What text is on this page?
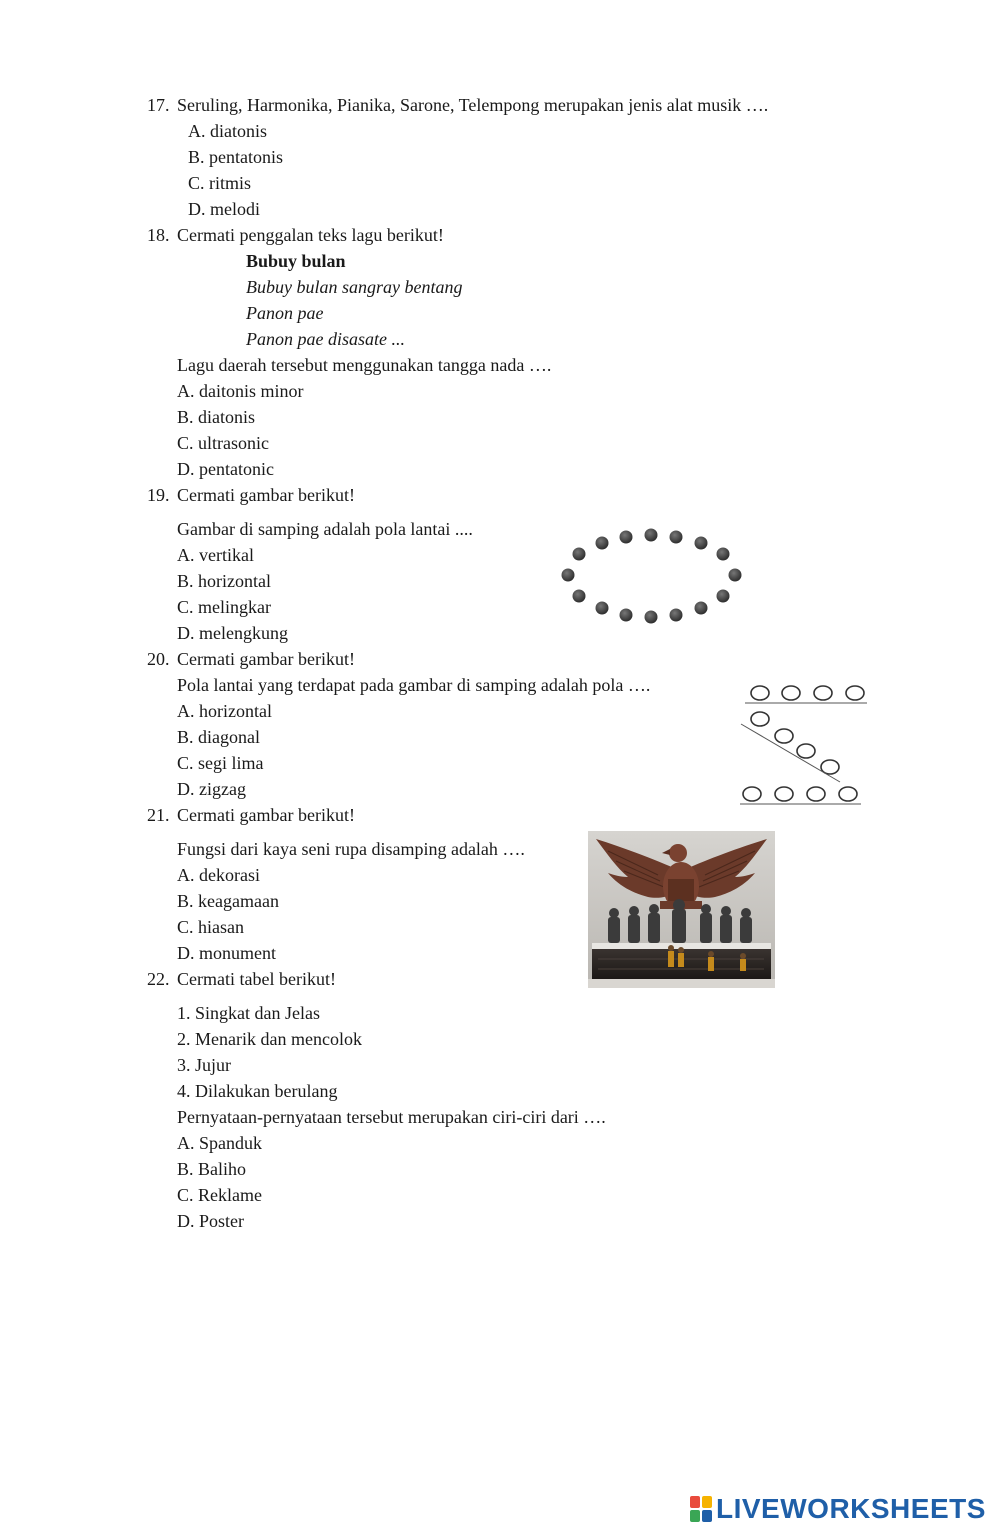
17. Seruling, Harmonika, Pianika, Sarone, Telempong merupakan jenis alat musik ….
A. diatonis
B. pentatonis
C. ritmis
D. melodi
18. Cermati penggalan teks lagu berikut!
Bubuy bulan
Bubuy bulan sangray bentang
Panon pae
Panon pae disasate ...
Lagu daerah tersebut menggunakan tangga nada ….
A. daitonis minor
B. diatonis
C. ultrasonic
D. pentatonic
19. Cermati gambar berikut!
Gambar di samping adalah pola lantai ....
A. vertikal
B. horizontal
C. melingkar
D. melengkung
20. Cermati gambar berikut!
Pola lantai yang terdapat pada gambar di samping adalah pola ….
A. horizontal
B. diagonal
C. segi lima
D. zigzag
21. Cermati gambar berikut!
Fungsi dari kaya seni rupa disamping adalah ….
A. dekorasi
B. keagamaan
C. hiasan
D. monument
22. Cermati tabel berikut!
1. Singkat dan Jelas
2. Menarik dan mencolok
3. Jujur
4. Dilakukan berulang
Pernyataan-pernyataan tersebut merupakan ciri-ciri dari ….
A. Spanduk
B. Baliho
C. Reklame
D. Poster
LIVEWORKSHEETS
